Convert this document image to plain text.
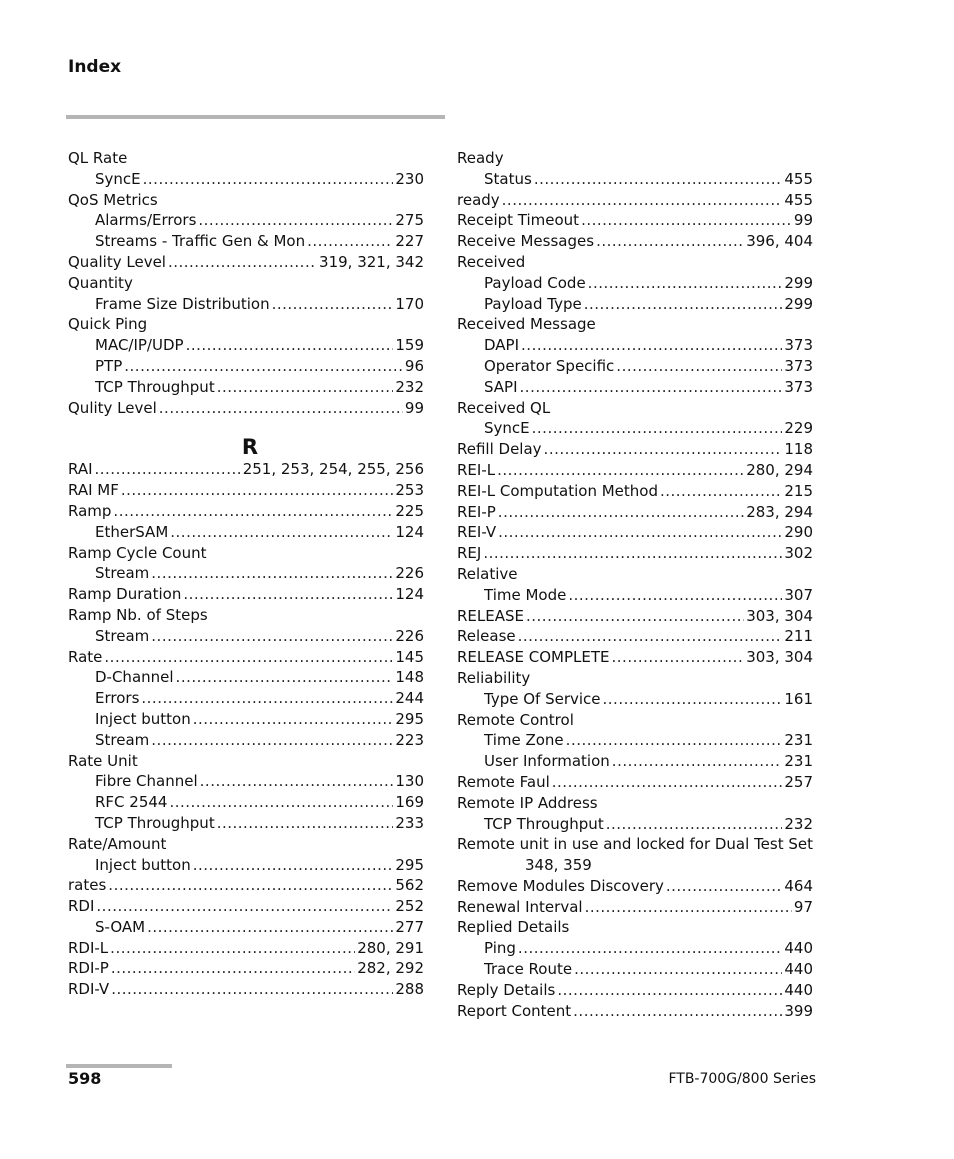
Index
QL Rate
SyncE .....	230
QoS Metrics
Alarms/Errors .....	275
Streams - Traffic Gen & Mon .....	227
Quality Level .....	319, 321, 342
Quantity
Frame Size Distribution .....	170
Quick Ping
MAC/IP/UDP .....	159
PTP .....	96
TCP Throughput .....	232
Qulity Level .....	99
R
RAI .....	251, 253, 254, 255, 256
RAI MF .....	253
Ramp .....	225
EtherSAM .....	124
Ramp Cycle Count
Stream .....	226
Ramp Duration .....	124
Ramp Nb. of Steps
Stream .....	226
Rate .....	145
D-Channel .....	148
Errors .....	244
Inject button .....	295
Stream .....	223
Rate Unit
Fibre Channel .....	130
RFC 2544 .....	169
TCP Throughput .....	233
Rate/Amount
Inject button .....	295
rates .....	562
RDI .....	252
S-OAM .....	277
RDI-L .....	280, 291
RDI-P .....	282, 292
RDI-V .....	288
Ready
Status .....	455
ready .....	455
Receipt Timeout .....	99
Receive Messages .....	396, 404
Received
Payload Code .....	299
Payload Type .....	299
Received Message
DAPI .....	373
Operator Specific .....	373
SAPI .....	373
Received QL
SyncE .....	229
Refill Delay .....	118
REI-L .....	280, 294
REI-L Computation Method .....	215
REI-P .....	283, 294
REI-V .....	290
REJ .....	302
Relative
Time Mode .....	307
RELEASE .....	303, 304
Release .....	211
RELEASE COMPLETE .....	303, 304
Reliability
Type Of Service .....	161
Remote Control
Time Zone .....	231
User Information .....	231
Remote Faul .....	257
Remote IP Address
TCP Throughput .....	232
Remote unit in use and locked for Dual Test Set
348, 359
Remove Modules Discovery .....	464
Renewal Interval .....	97
Replied Details
Ping .....	440
Trace Route .....	440
Reply Details .....	440
Report Content .....	399
598	FTB-700G/800 Series
